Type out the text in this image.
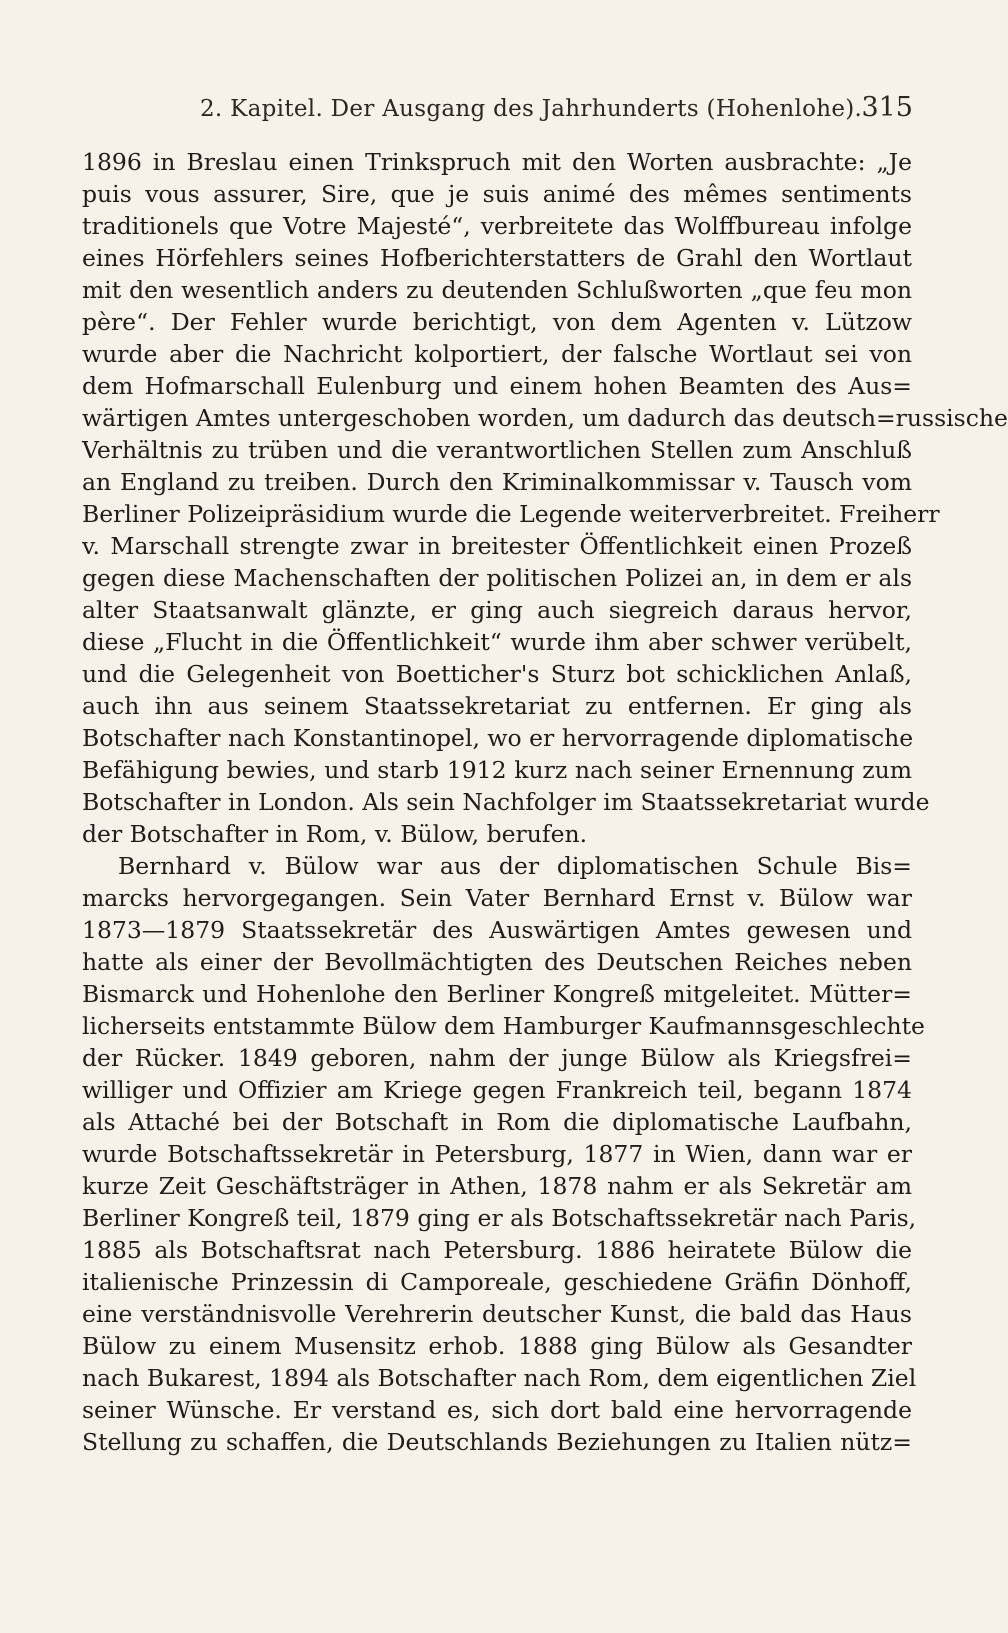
2. Kapitel. Der Ausgang des Jahrhunderts (Hohenlohe). 315
1896 in Breslau einen Trinkspruch mit den Worten ausbrachte: „Je
puis vous assurer, Sire, que je suis animé des mêmes sentiments
traditionels que Votre Majesté“, verbreitete das Wolffbureau infolge
eines Hörfehlers seines Hofberichterstatters de Grahl den Wortlaut
mit den wesentlich anders zu deutenden Schlußworten „que feu mon
père“. Der Fehler wurde berichtigt, von dem Agenten v. Lützow
wurde aber die Nachricht kolportiert, der falsche Wortlaut sei von
dem Hofmarschall Eulenburg und einem hohen Beamten des Aus=
wärtigen Amtes untergeschoben worden, um dadurch das deutsch=russische
Verhältnis zu trüben und die verantwortlichen Stellen zum Anschluß
an England zu treiben. Durch den Kriminalkommissar v. Tausch vom
Berliner Polizeipräsidium wurde die Legende weiterverbreitet. Freiherr
v. Marschall strengte zwar in breitester Öffentlichkeit einen Prozeß
gegen diese Machenschaften der politischen Polizei an, in dem er als
alter Staatsanwalt glänzte, er ging auch siegreich daraus hervor,
diese „Flucht in die Öffentlichkeit“ wurde ihm aber schwer verübelt,
und die Gelegenheit von Boetticher's Sturz bot schicklichen Anlaß,
auch ihn aus seinem Staatssekretariat zu entfernen. Er ging als
Botschafter nach Konstantinopel, wo er hervorragende diplomatische
Befähigung bewies, und starb 1912 kurz nach seiner Ernennung zum
Botschafter in London. Als sein Nachfolger im Staatssekretariat wurde
der Botschafter in Rom, v. Bülow, berufen.
Bernhard v. Bülow war aus der diplomatischen Schule Bis=
marcks hervorgegangen. Sein Vater Bernhard Ernst v. Bülow war
1873—1879 Staatssekretär des Auswärtigen Amtes gewesen und
hatte als einer der Bevollmächtigten des Deutschen Reiches neben
Bismarck und Hohenlohe den Berliner Kongreß mitgeleitet. Mütter=
licherseits entstammte Bülow dem Hamburger Kaufmannsgeschlechte
der Rücker. 1849 geboren, nahm der junge Bülow als Kriegsfrei=
williger und Offizier am Kriege gegen Frankreich teil, begann 1874
als Attaché bei der Botschaft in Rom die diplomatische Laufbahn,
wurde Botschaftssekretär in Petersburg, 1877 in Wien, dann war er
kurze Zeit Geschäftsträger in Athen, 1878 nahm er als Sekretär am
Berliner Kongreß teil, 1879 ging er als Botschaftssekretär nach Paris,
1885 als Botschaftsrat nach Petersburg. 1886 heiratete Bülow die
italienische Prinzessin di Camporeale, geschiedene Gräfin Dönhoff,
eine verständnisvolle Verehrerin deutscher Kunst, die bald das Haus
Bülow zu einem Musensitz erhob. 1888 ging Bülow als Gesandter
nach Bukarest, 1894 als Botschafter nach Rom, dem eigentlichen Ziel
seiner Wünsche. Er verstand es, sich dort bald eine hervorragende
Stellung zu schaffen, die Deutschlands Beziehungen zu Italien nütz=
